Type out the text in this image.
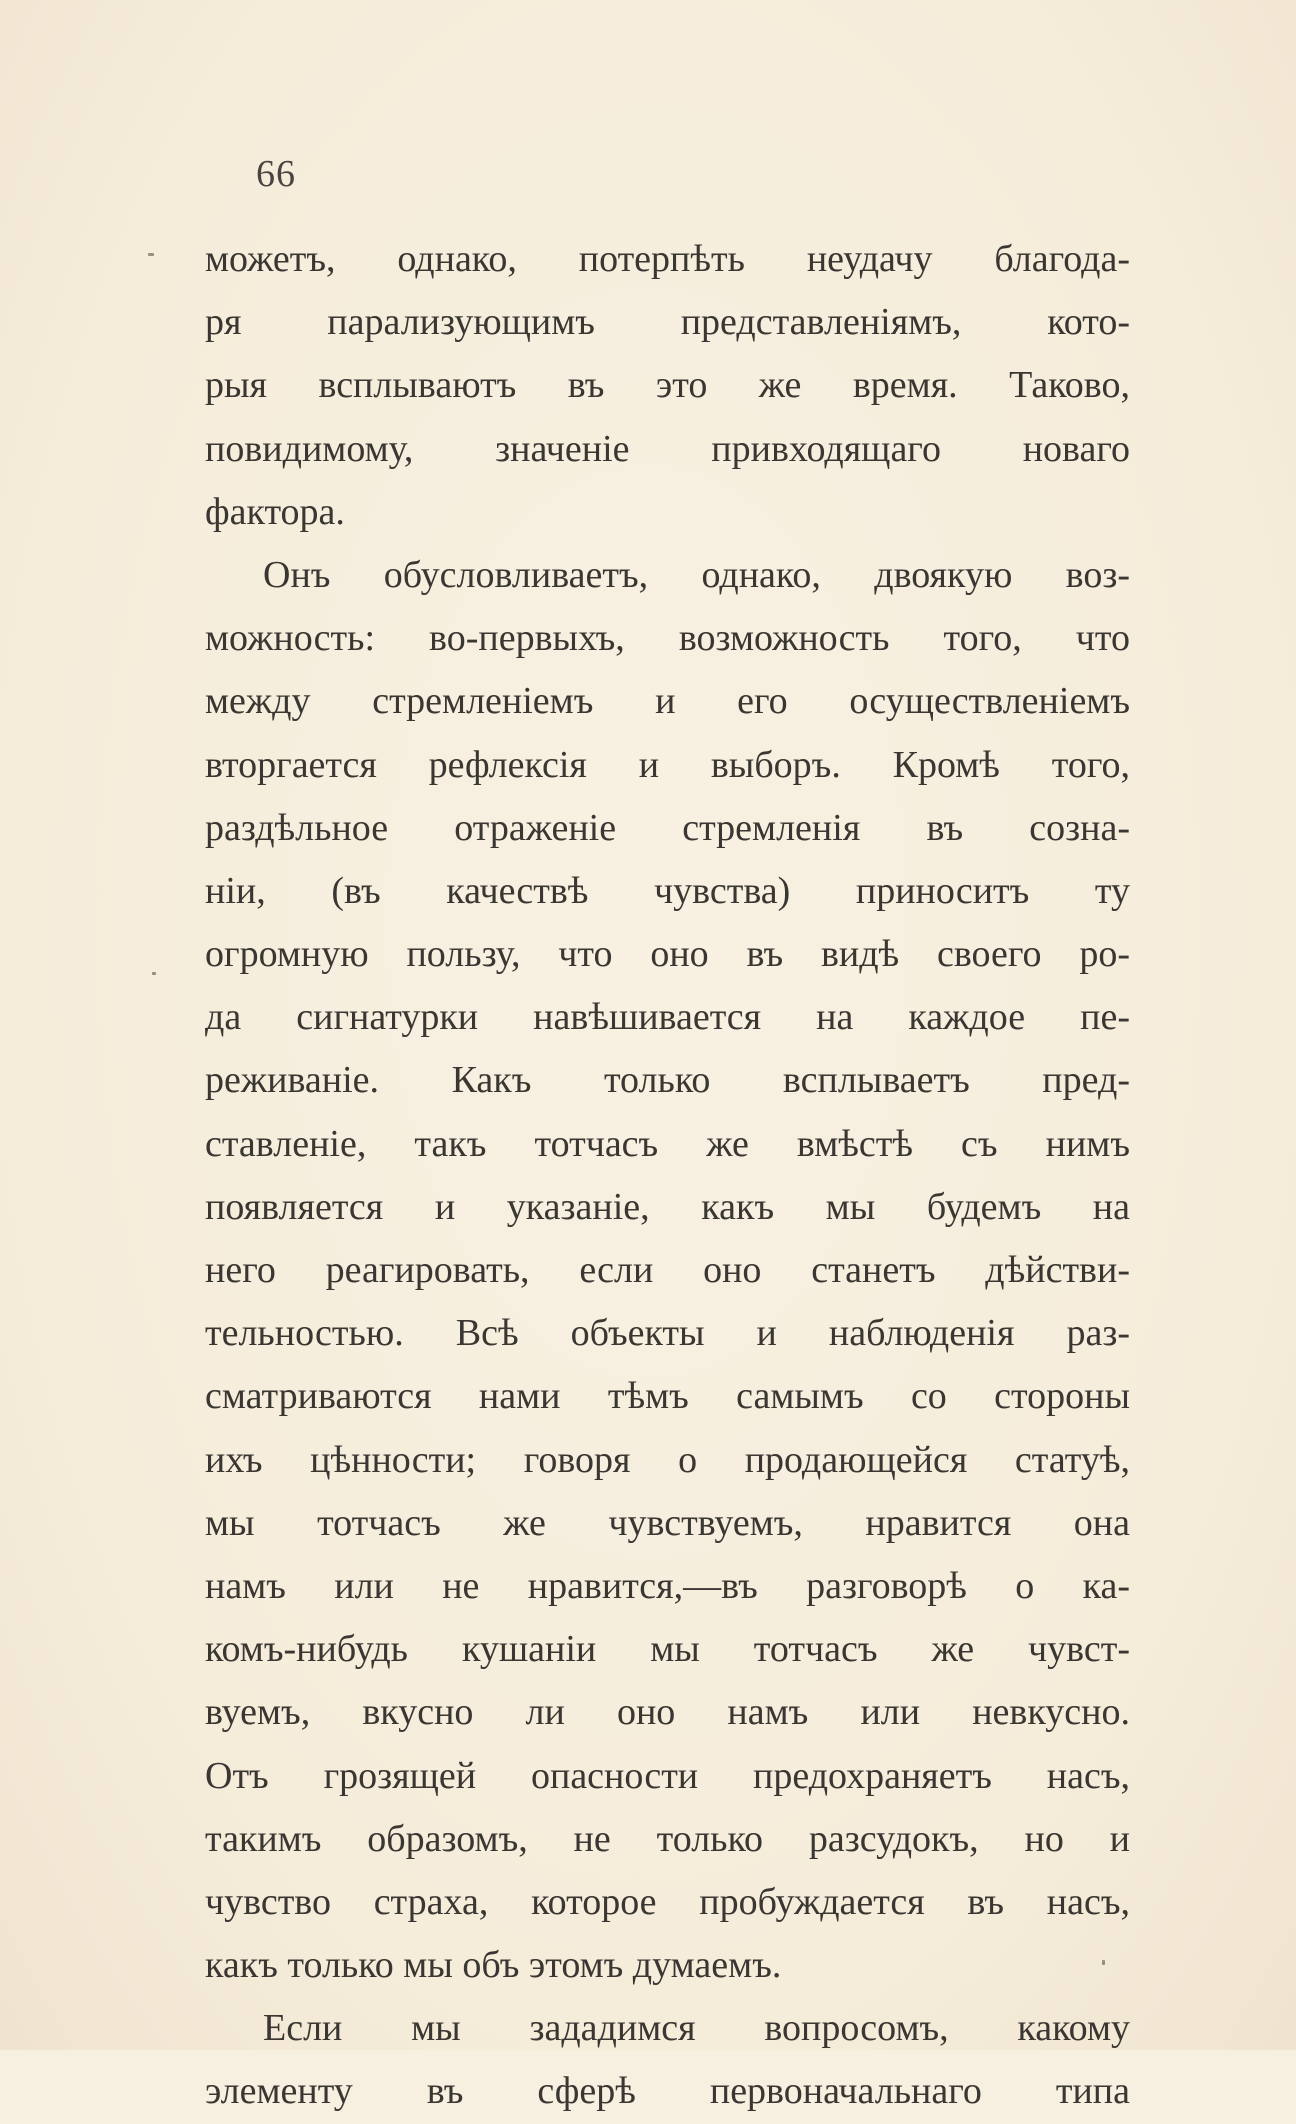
66
можетъ, однако, потерпѣть неудачу благода-
ря парализующимъ представленіямъ, кото-
рыя всплываютъ въ это же время. Таково,
повидимому, значеніе привходящаго новаго
фактора.
Онъ обусловливаетъ, однако, двоякую воз-
можность: во-первыхъ, возможность того, что
между стремленіемъ и его осуществленіемъ
вторгается рефлексія и выборъ. Кромѣ того,
раздѣльное отраженіе стремленія въ созна-
ніи, (въ качествѣ чувства) приноситъ ту
огромную пользу, что оно въ видѣ своего ро-
да сигнатурки навѣшивается на каждое пе-
реживаніе. Какъ только всплываетъ пред-
ставленіе, такъ тотчасъ же вмѣстѣ съ нимъ
появляется и указаніе, какъ мы будемъ на
него реагировать, если оно станетъ дѣйстви-
тельностью. Всѣ объекты и наблюденія раз-
сматриваются нами тѣмъ самымъ со стороны
ихъ цѣнности; говоря о продающейся статуѣ,
мы тотчасъ же чувствуемъ, нравится она
намъ или не нравится,—въ разговорѣ о ка-
комъ-нибудь кушаніи мы тотчасъ же чувст-
вуемъ, вкусно ли оно намъ или невкусно.
Отъ грозящей опасности предохраняетъ насъ,
такимъ образомъ, не только разсудокъ, но и
чувство страха, которое пробуждается въ насъ,
какъ только мы объ этомъ думаемъ.
Если мы зададимся вопросомъ, какому
элементу въ сферѣ первоначальнаго типа
